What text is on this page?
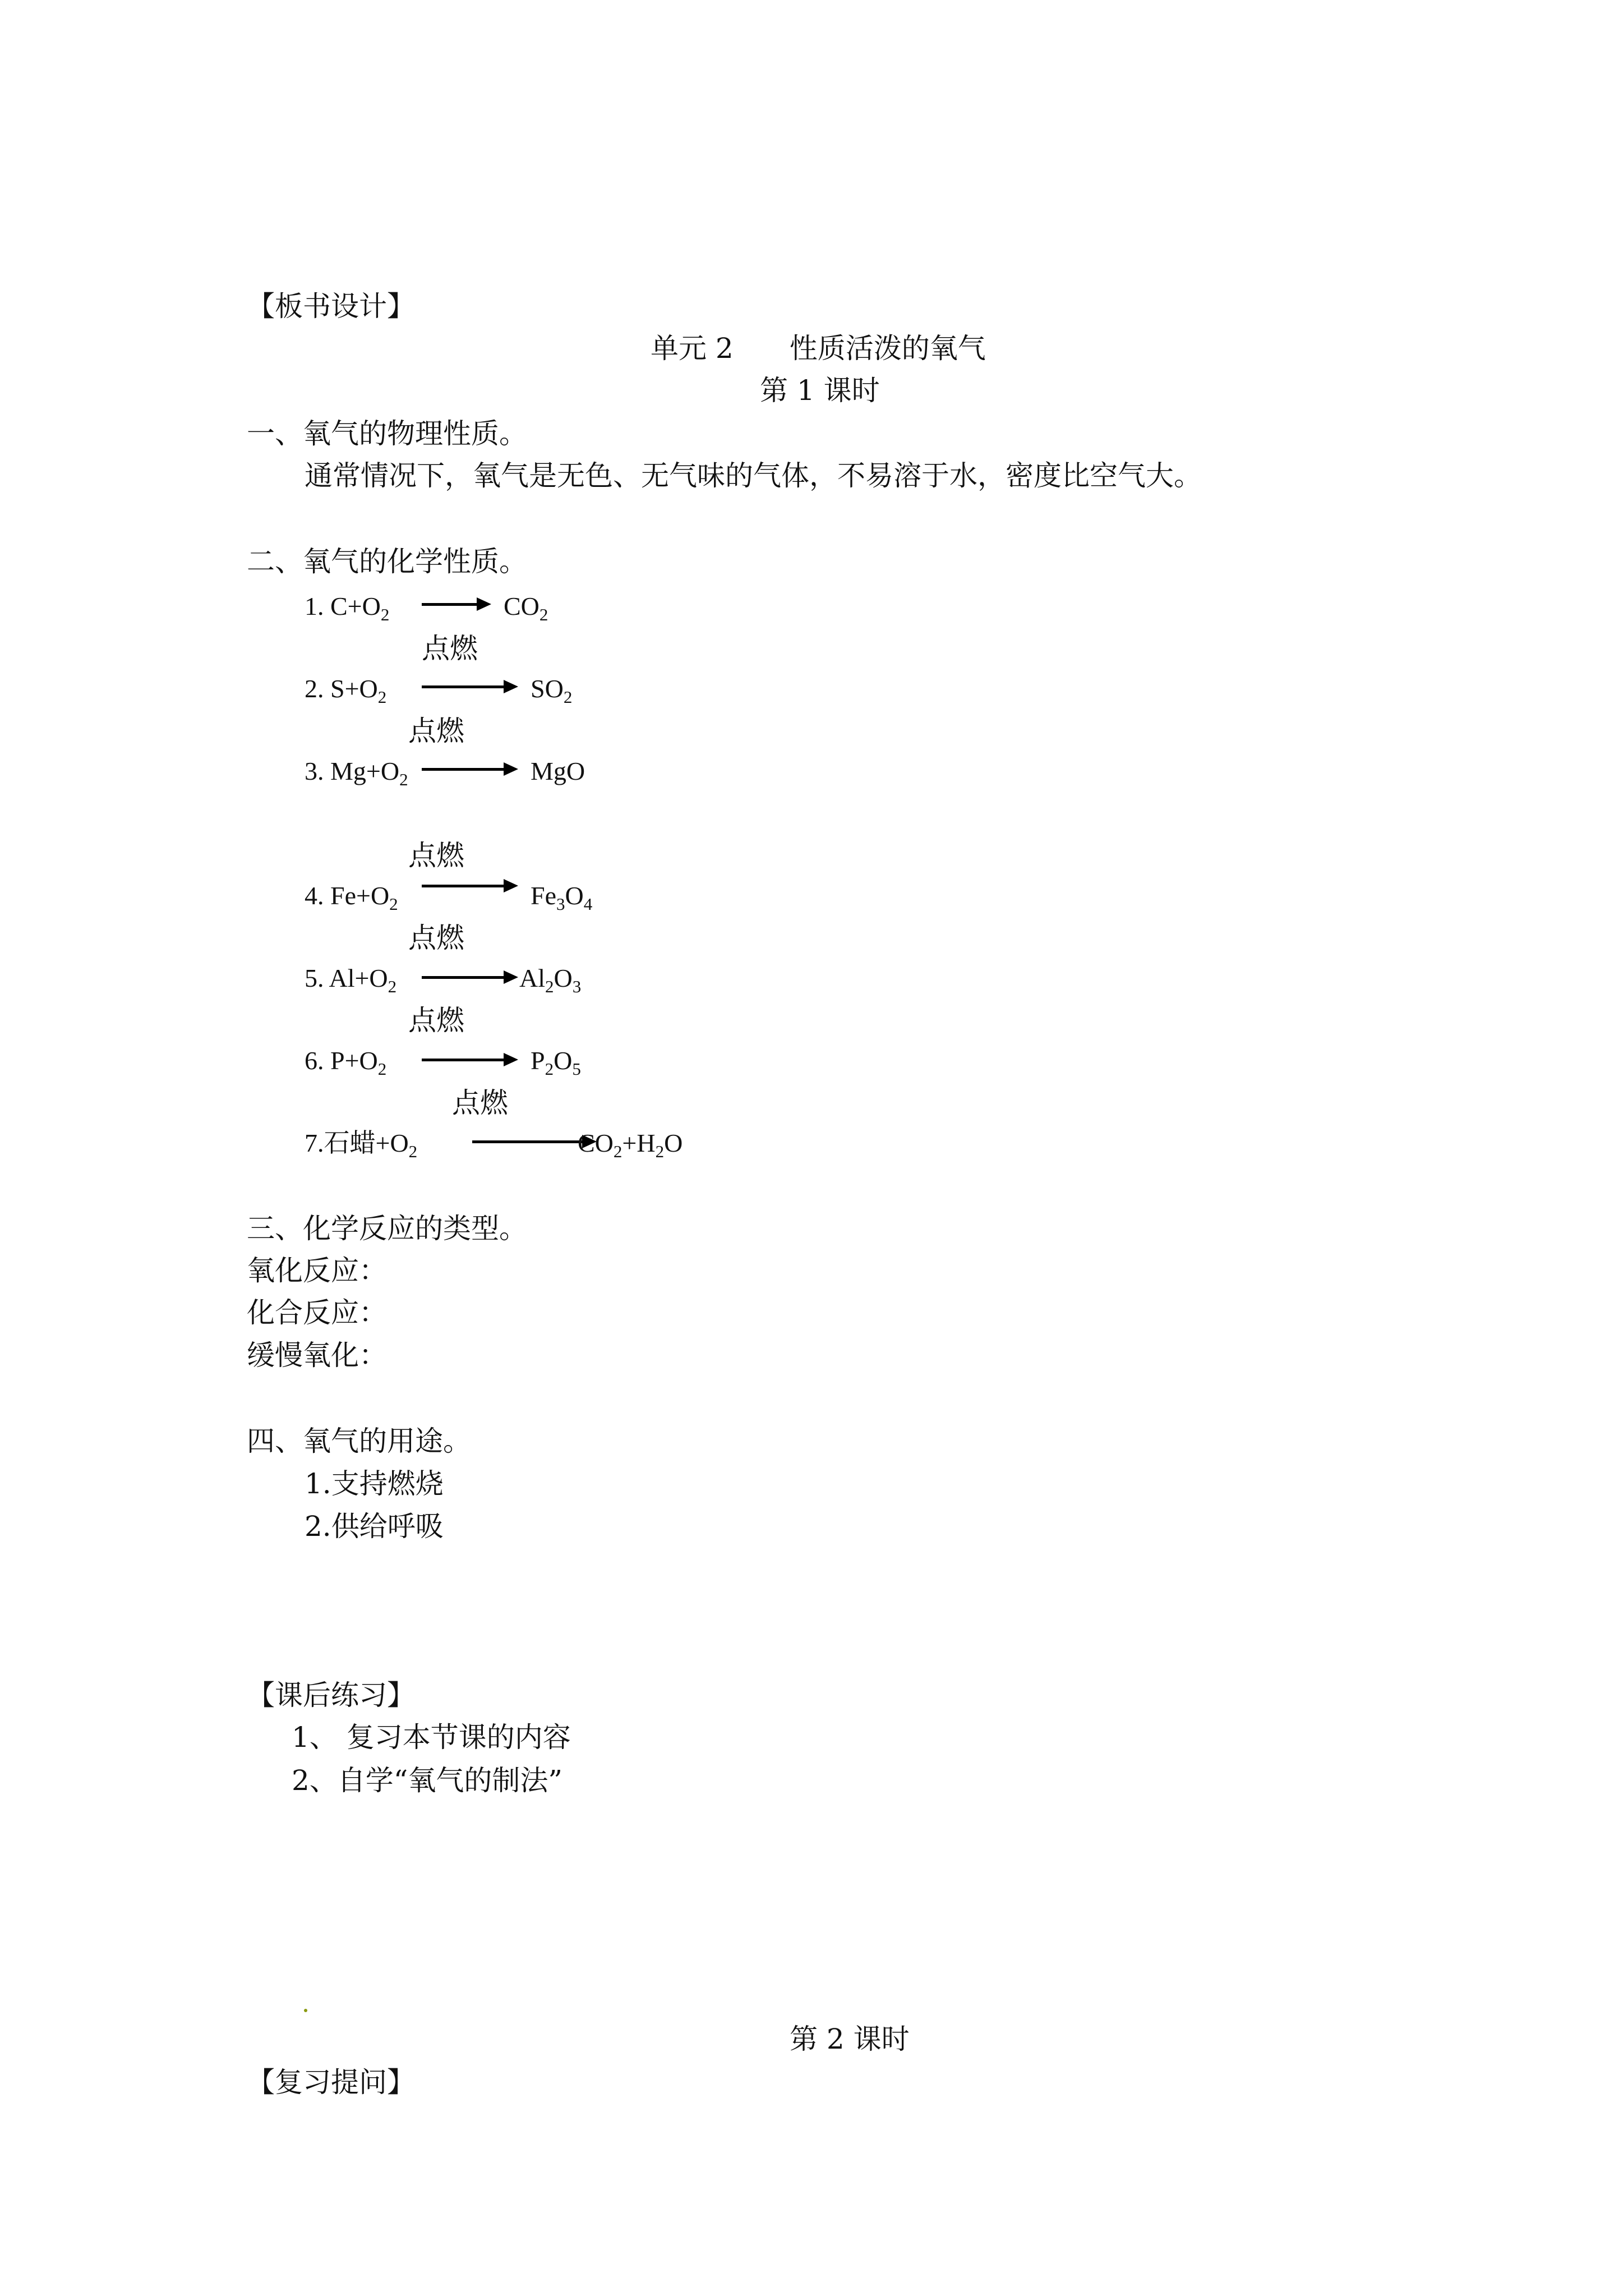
【板书设计】
单元 2　　性质活泼的氧气
第 1 课时
一、氧气的物理性质。
通常情况下，氧气是无色、无气味的气体，不易溶于水，密度比空气大。
二、氧气的化学性质。
1. $C+O_2$	$CO_2$
点燃
2. $S+O_2$	$SO_2$
点燃
3. $Mg+O_2$	MgO
点燃
4. $Fe+O_2$	$Fe_3O_4$
点燃
5. $Al+O_2$	$Al_2O_3$
点燃
6. $P+O_2$	$P_2O_5$
点燃
7.石蜡$+O_2$	$CO_2+H_2O$
三、化学反应的类型。
氧化反应：
化合反应：
缓慢氧化：
四、氧气的用途。
1.支持燃烧
2.供给呼吸
【课后练习】
1、 复习本节课的内容
2、自学“氧气的制法”
第 2 课时
【复习提问】
